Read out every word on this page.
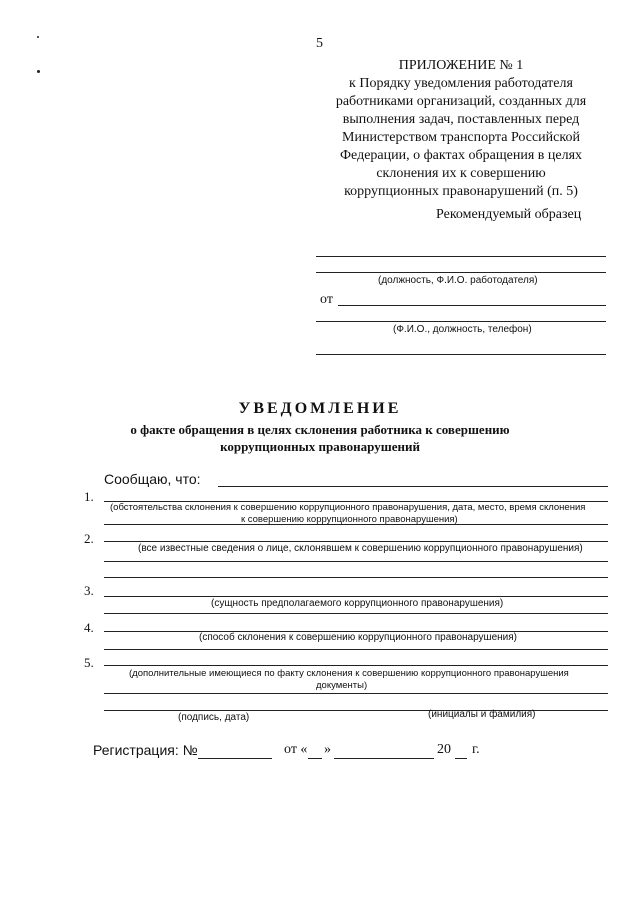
5
ПРИЛОЖЕНИЕ № 1
к Порядку уведомления работодателя
работниками организаций, созданных для
выполнения задач, поставленных перед
Министерством транспорта Российской
Федерации, о фактах обращения в целях
склонения их к совершению
коррупционных правонарушений (п. 5)
Рекомендуемый образец
(должность, Ф.И.О. работодателя)
от
(Ф.И.О., должность, телефон)
УВЕДОМЛЕНИЕ
о факте обращения в целях склонения работника к совершению
коррупционных правонарушений
Сообщаю, что:
1.
(обстоятельства склонения к совершению коррупционного правонарушения, дата, место, время склонения
к совершению коррупционного правонарушения)
2.
(все известные сведения о лице, склонявшем к совершению коррупционного правонарушения)
3.
(сущность предполагаемого коррупционного правонарушения)
4.
(способ склонения к совершению коррупционного правонарушения)
5.
(дополнительные имеющиеся по факту склонения к совершению коррупционного правонарушения
документы)
(подпись, дата)	(инициалы и фамилия)
Регистрация: №	от « »	20 г.
